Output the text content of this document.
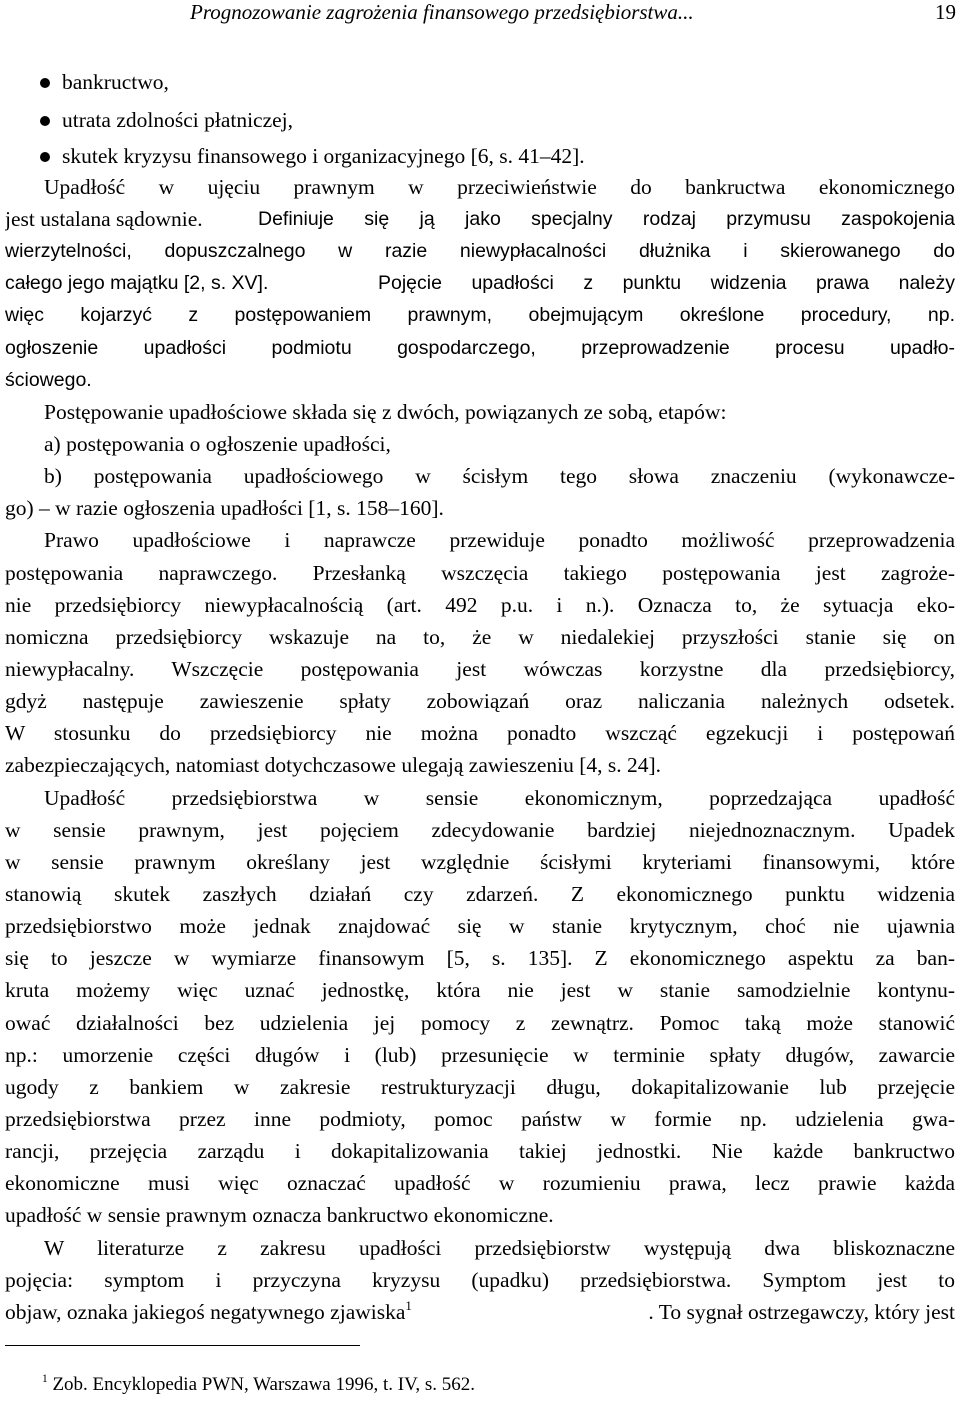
Prognozowanie zagrożenia finansowego przedsiębiorstwa...	19
bankructwo,
utrata zdolności płatniczej,
skutek kryzysu finansowego i organizacyjnego [6, s. 41–42].
Upadłość w ujęciu prawnym w przeciwieństwie do bankructwa ekonomicznego
jest ustalana sądownie.	Definiuje się ją jako specjalny rodzaj przymusu zaspokojenia
wierzytelności, dopuszczalnego w razie niewypłacalności dłużnika i skierowanego do
całego jego majątku [2, s. XV].	Pojęcie upadłości z punktu widzenia prawa należy
więc kojarzyć z postępowaniem prawnym, obejmującym określone procedury, np.
ogłoszenie upadłości podmiotu gospodarczego, przeprowadzenie procesu upadło-
ściowego.
Postępowanie upadłościowe składa się z dwóch, powiązanych ze sobą, etapów:
a) postępowania o ogłoszenie upadłości,
b) postępowania upadłościowego w ścisłym tego słowa znaczeniu (wykonawcze-
go) – w razie ogłoszenia upadłości [1, s. 158–160].
Prawo upadłościowe i naprawcze przewiduje ponadto możliwość przeprowadzenia
postępowania naprawczego. Przesłanką wszczęcia takiego postępowania jest zagroże-
nie przedsiębiorcy niewypłacalnością (art. 492 p.u. i n.). Oznacza to, że sytuacja eko-
nomiczna przedsiębiorcy wskazuje na to, że w niedalekiej przyszłości stanie się on
niewypłacalny. Wszczęcie postępowania jest wówczas korzystne dla przedsiębiorcy,
gdyż następuje zawieszenie spłaty zobowiązań oraz naliczania należnych odsetek.
W stosunku do przedsiębiorcy nie można ponadto wszcząć egzekucji i postępowań
zabezpieczających, natomiast dotychczasowe ulegają zawieszeniu [4, s. 24].
Upadłość przedsiębiorstwa w sensie ekonomicznym, poprzedzająca upadłość
w sensie prawnym, jest pojęciem zdecydowanie bardziej niejednoznacznym. Upadek
w sensie prawnym określany jest względnie ścisłymi kryteriami finansowymi, które
stanowią skutek zaszłych działań czy zdarzeń. Z ekonomicznego punktu widzenia
przedsiębiorstwo może jednak znajdować się w stanie krytycznym, choć nie ujawnia
się to jeszcze w wymiarze finansowym [5, s. 135]. Z ekonomicznego aspektu za ban-
kruta możemy więc uznać jednostkę, która nie jest w stanie samodzielnie kontynu-
ować działalności bez udzielenia jej pomocy z zewnątrz. Pomoc taką może stanowić
np.: umorzenie części długów i (lub) przesunięcie w terminie spłaty długów, zawarcie
ugody z bankiem w zakresie restrukturyzacji długu, dokapitalizowanie lub przejęcie
przedsiębiorstwa przez inne podmioty, pomoc państw w formie np. udzielenia gwa-
rancji, przejęcia zarządu i dokapitalizowania takiej jednostki. Nie każde bankructwo
ekonomiczne musi więc oznaczać upadłość w rozumieniu prawa, lecz prawie każda
upadłość w sensie prawnym oznacza bankructwo ekonomiczne.
W literaturze z zakresu upadłości przedsiębiorstw występują dwa bliskoznaczne
pojęcia: symptom i przyczyna kryzysu (upadku) przedsiębiorstwa. Symptom jest to
objaw, oznaka jakiegoś negatywnego zjawiska$^1$	. To sygnał ostrzegawczy, który jest
$^1$ Zob. Encyklopedia PWN, Warszawa 1996, t. IV, s. 562.
